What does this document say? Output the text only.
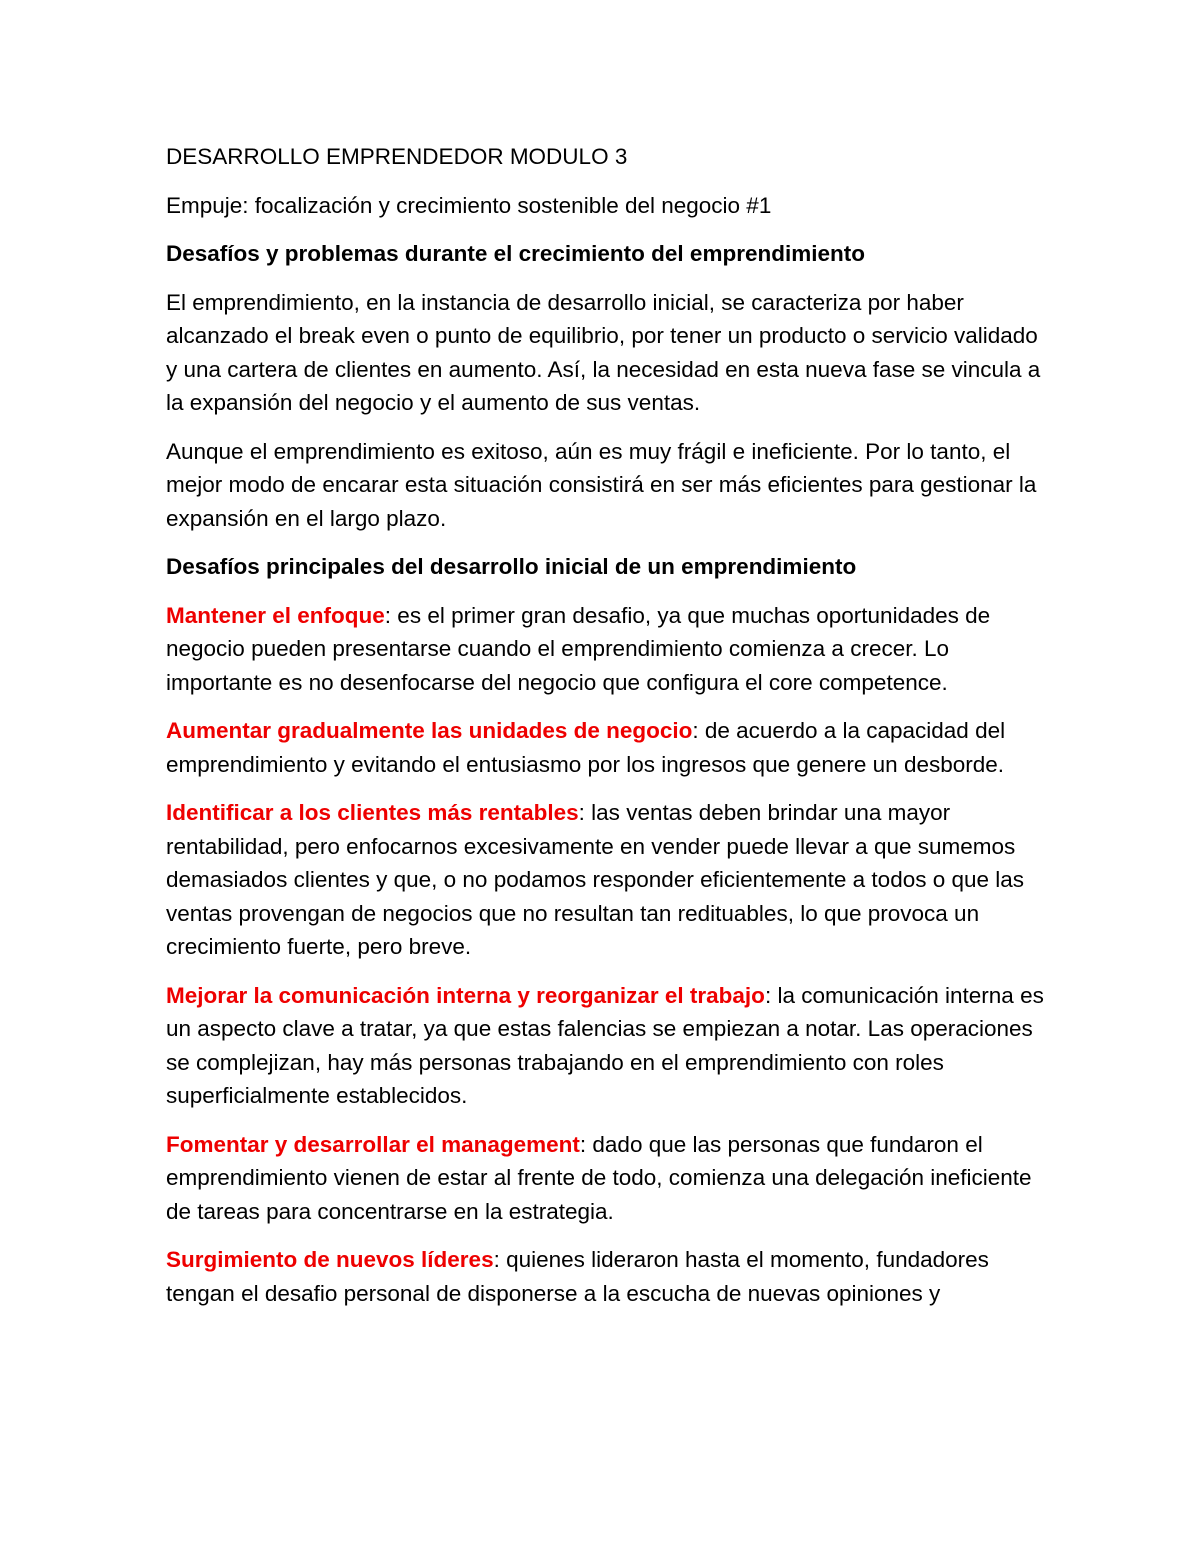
DESARROLLO EMPRENDEDOR MODULO 3

Empuje: focalización y crecimiento sostenible del negocio #1

Desafíos y problemas durante el crecimiento del emprendimiento

El emprendimiento, en la instancia de desarrollo inicial, se caracteriza por haber alcanzado el break even o punto de equilibrio, por tener un producto o servicio validado y una cartera de clientes en aumento. Así, la necesidad en esta nueva fase se vincula a la expansión del negocio y el aumento de sus ventas.

Aunque el emprendimiento es exitoso, aún es muy frágil e ineficiente. Por lo tanto, el mejor modo de encarar esta situación consistirá en ser más eficientes para gestionar la expansión en el largo plazo.

Desafíos principales del desarrollo inicial de un emprendimiento

Mantener el enfoque: es el primer gran desafio, ya que muchas oportunidades de negocio pueden presentarse cuando el emprendimiento comienza a crecer. Lo importante es no desenfocarse del negocio que configura el core competence.

Aumentar gradualmente las unidades de negocio: de acuerdo a la capacidad del emprendimiento y evitando el entusiasmo por los ingresos que genere un desborde.

Identificar a los clientes más rentables: las ventas deben brindar una mayor rentabilidad, pero enfocarnos excesivamente en vender puede llevar a que sumemos demasiados clientes y que, o no podamos responder eficientemente a todos o que las ventas provengan de negocios que no resultan tan redituables, lo que provoca un crecimiento fuerte, pero breve.

Mejorar la comunicación interna y reorganizar el trabajo: la comunicación interna es un aspecto clave a tratar, ya que estas falencias se empiezan a notar. Las operaciones se complejizan, hay más personas trabajando en el emprendimiento con roles superficialmente establecidos.

Fomentar y desarrollar el management: dado que las personas que fundaron el emprendimiento vienen de estar al frente de todo, comienza una delegación ineficiente de tareas para concentrarse en la estrategia.

Surgimiento de nuevos líderes: quienes lideraron hasta el momento, fundadores tengan el desafio personal de disponerse a la escucha de nuevas opiniones y
